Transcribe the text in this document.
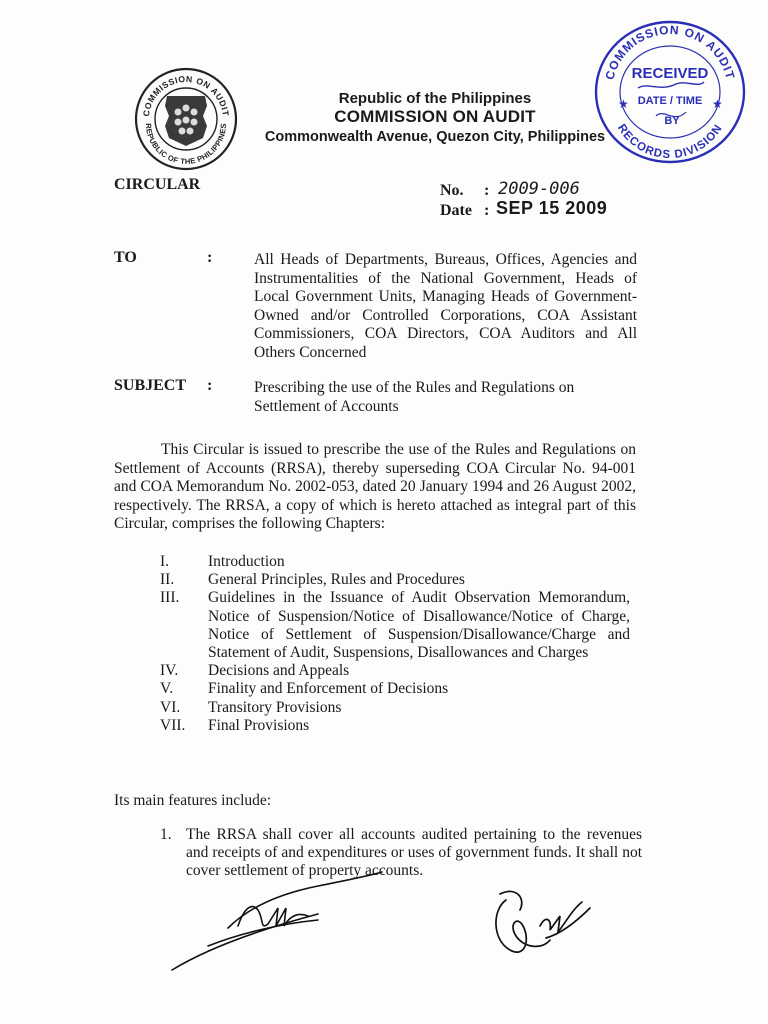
COMMISSION ON AUDIT
REPUBLIC OF THE PHILIPPINES
Republic of the Philippines
COMMISSION ON AUDIT
Commonwealth Avenue, Quezon City, Philippines
COMMISSION ON AUDIT
RECORDS DIVISION
RECEIVED
DATE / TIME
BY
★	★
CIRCULAR	No. : 2009-006
Date : SEP 15 2009
TO	:	All Heads of Departments, Bureaus, Offices, Agencies and Instrumentalities of the National Government, Heads of Local Government Units, Managing Heads of Government-Owned and/or Controlled Corporations, COA Assistant Commissioners, COA Directors, COA Auditors and All Others Concerned
SUBJECT :	Prescribing the use of the Rules and Regulations on Settlement of Accounts
This Circular is issued to prescribe the use of the Rules and Regulations on Settlement of Accounts (RRSA), thereby superseding COA Circular No. 94-001 and COA Memorandum No. 2002-053, dated 20 January 1994 and 26 August 2002, respectively. The RRSA, a copy of which is hereto attached as integral part of this Circular, comprises the following Chapters:
I.	Introduction
II.	General Principles, Rules and Procedures
III.	Guidelines in the Issuance of Audit Observation Memorandum, Notice of Suspension/Notice of Disallowance/Notice of Charge, Notice of Settlement of Suspension/Disallowance/Charge and Statement of Audit, Suspensions, Disallowances and Charges
IV.	Decisions and Appeals
V.	Finality and Enforcement of Decisions
VI.	Transitory Provisions
VII.	Final Provisions
Its main features include:
1. The RRSA shall cover all accounts audited pertaining to the revenues and receipts of and expenditures or uses of government funds. It shall not cover settlement of property accounts.
